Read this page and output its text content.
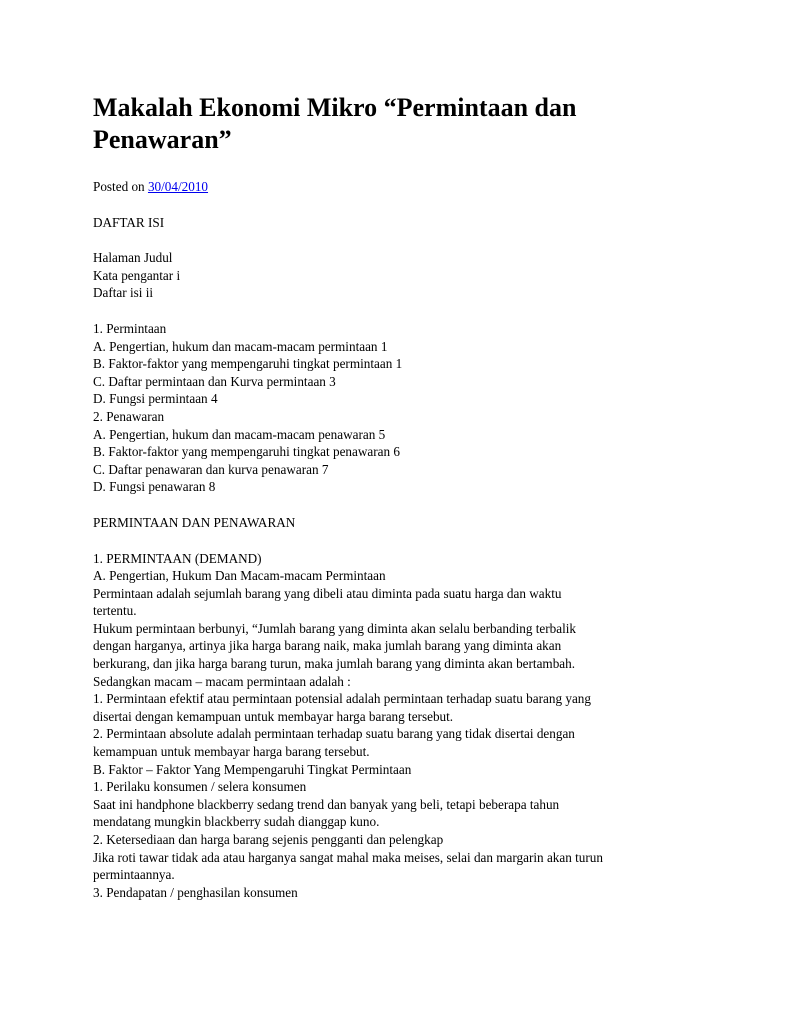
Makalah Ekonomi Mikro “Permintaan dan Penawaran”
Posted on 30/04/2010
DAFTAR ISI
Halaman Judul
Kata pengantar i
Daftar isi ii
1. Permintaan
A. Pengertian, hukum dan macam-macam permintaan 1
B. Faktor-faktor yang mempengaruhi tingkat permintaan 1
C. Daftar permintaan dan Kurva permintaan 3
D. Fungsi permintaan 4
2. Penawaran
A. Pengertian, hukum dan macam-macam penawaran 5
B. Faktor-faktor yang mempengaruhi tingkat penawaran 6
C. Daftar penawaran dan kurva penawaran 7
D. Fungsi penawaran 8
PERMINTAAN DAN PENAWARAN
1. PERMINTAAN (DEMAND)
A. Pengertian, Hukum Dan Macam-macam Permintaan
Permintaan adalah sejumlah barang yang dibeli atau diminta pada suatu harga dan waktu
tertentu.
Hukum permintaan berbunyi, “Jumlah barang yang diminta akan selalu berbanding terbalik
dengan harganya, artinya jika harga barang naik, maka jumlah barang yang diminta akan
berkurang, dan jika harga barang turun, maka jumlah barang yang diminta akan bertambah.
Sedangkan macam – macam permintaan adalah :
1. Permintaan efektif atau permintaan potensial adalah permintaan terhadap suatu barang yang
disertai dengan kemampuan untuk membayar harga barang tersebut.
2. Permintaan absolute adalah permintaan terhadap suatu barang yang tidak disertai dengan
kemampuan untuk membayar harga barang tersebut.
B. Faktor – Faktor Yang Mempengaruhi Tingkat Permintaan
1. Perilaku konsumen / selera konsumen
Saat ini handphone blackberry sedang trend dan banyak yang beli, tetapi beberapa tahun
mendatang mungkin blackberry sudah dianggap kuno.
2. Ketersediaan dan harga barang sejenis pengganti dan pelengkap
Jika roti tawar tidak ada atau harganya sangat mahal maka meises, selai dan margarin akan turun
permintaannya.
3. Pendapatan / penghasilan konsumen
